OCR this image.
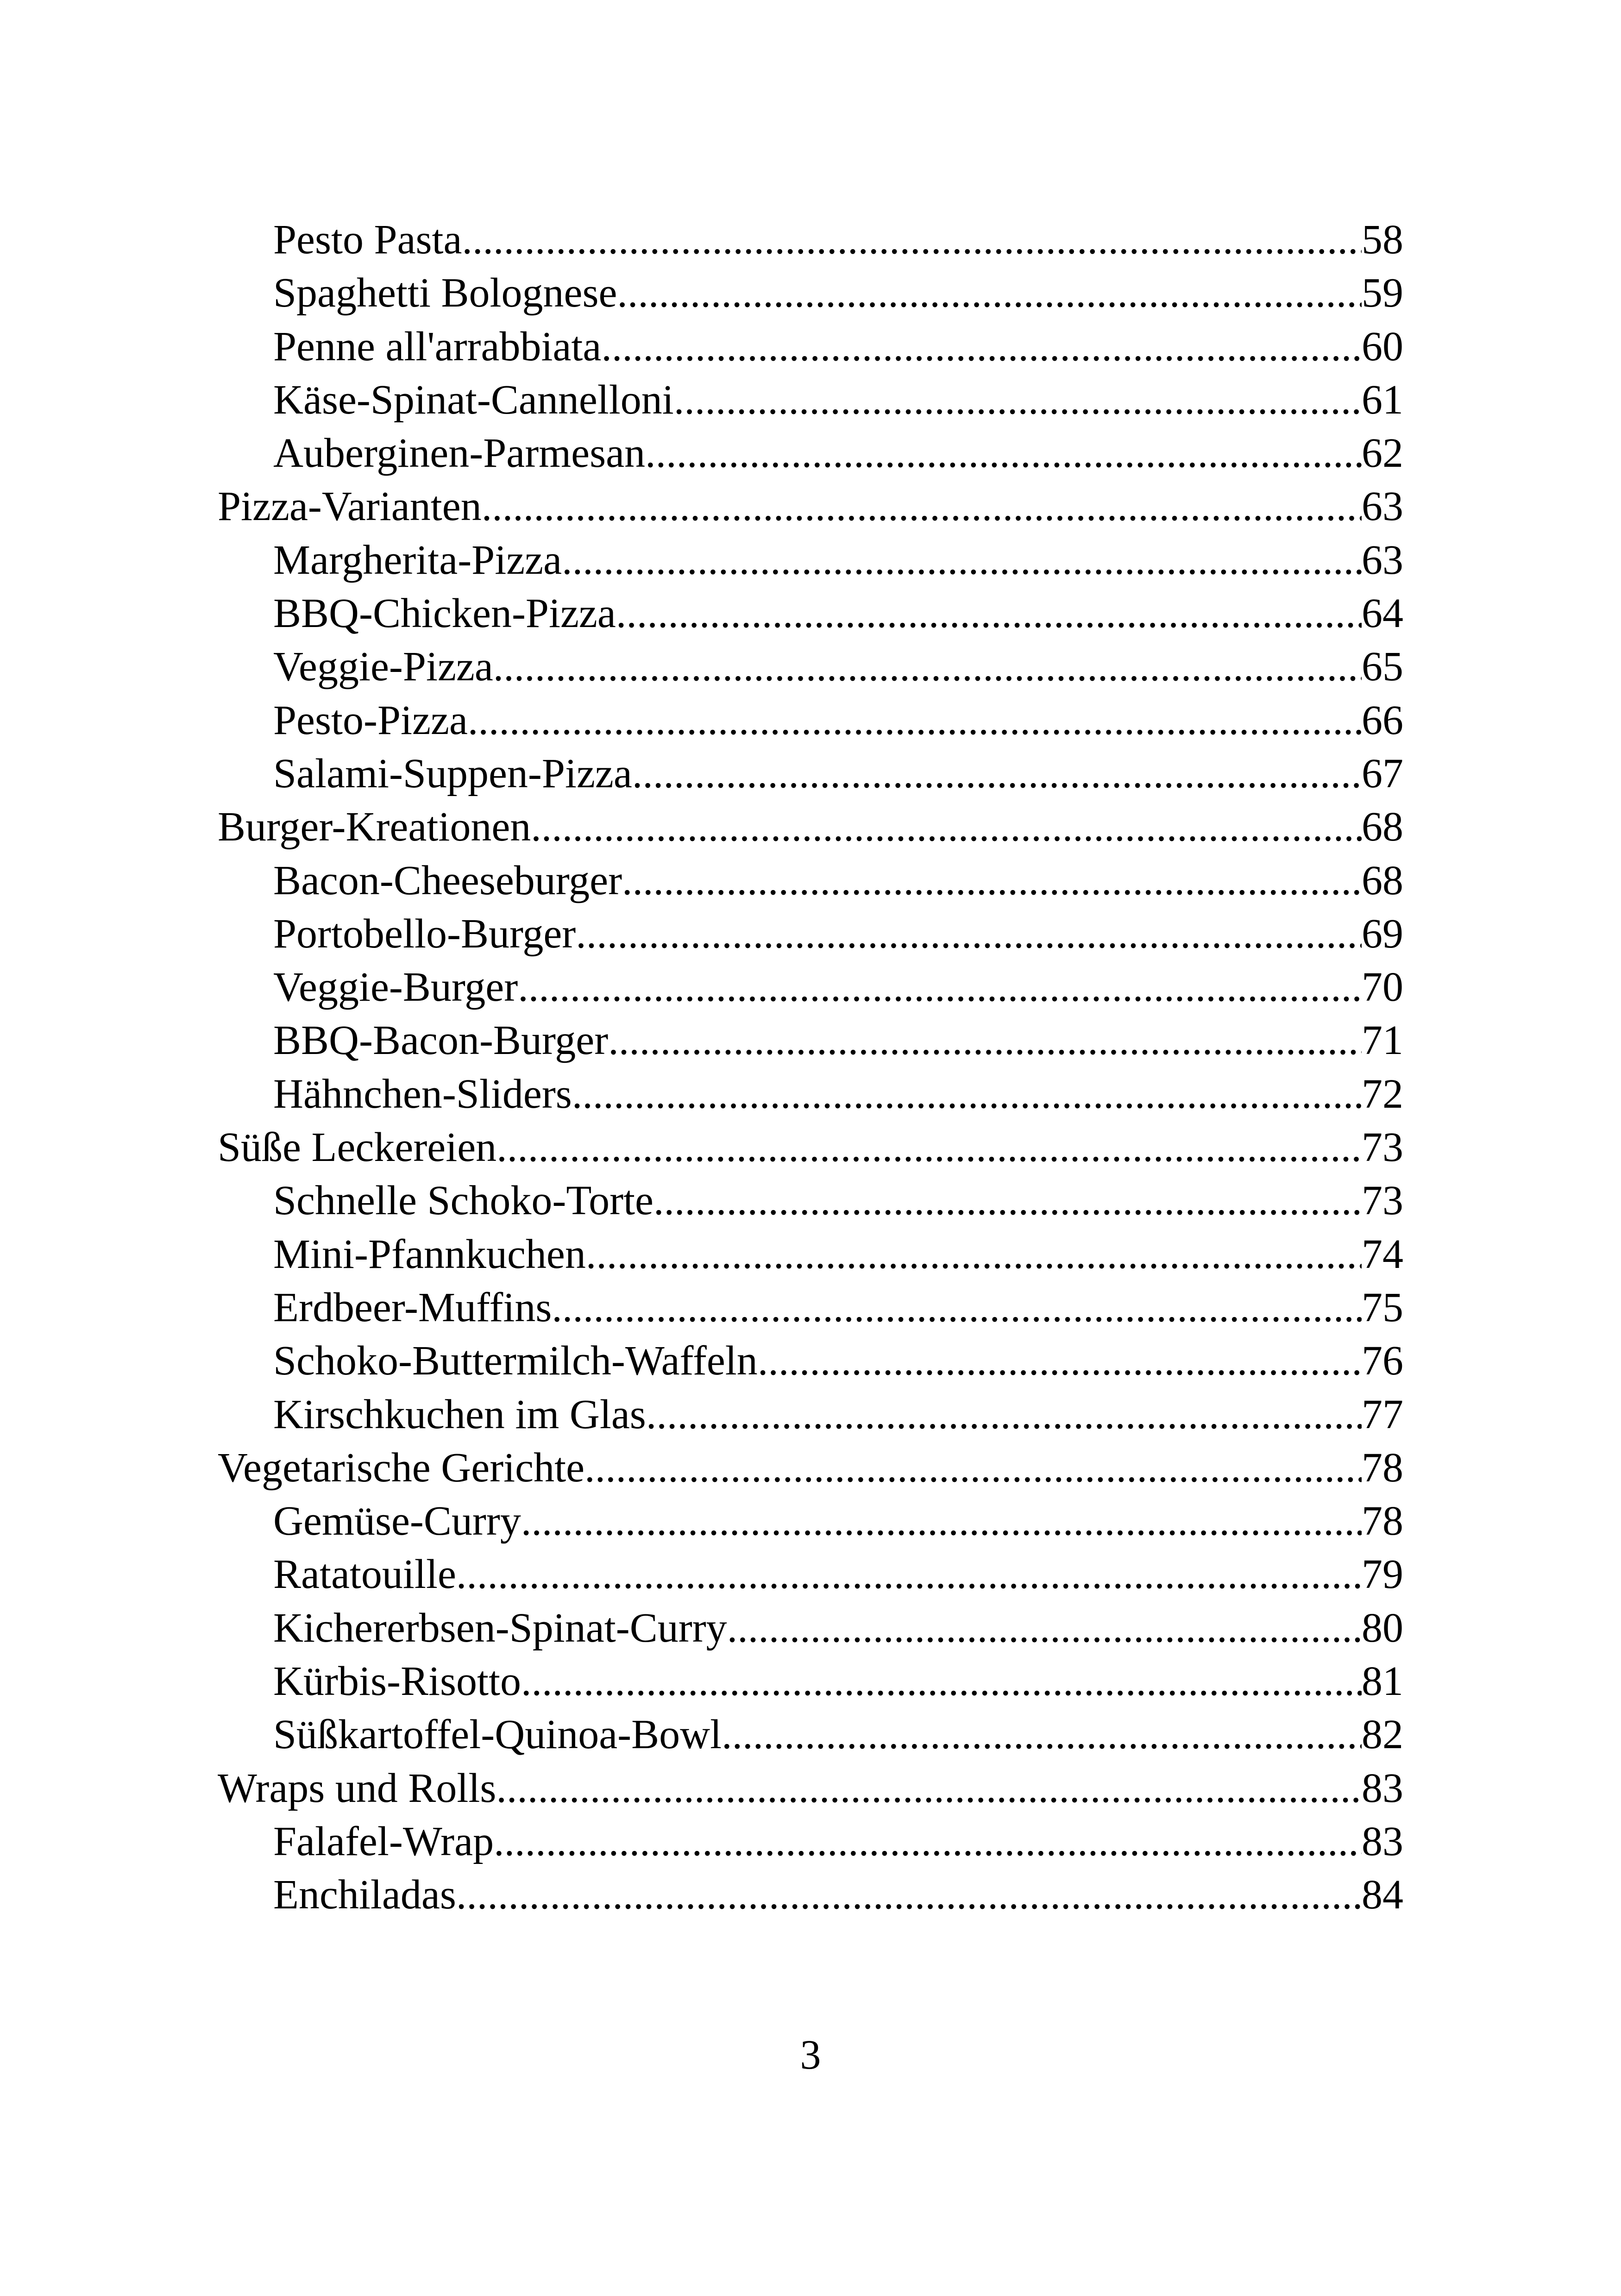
Pesto Pasta .....	58
Spaghetti Bolognese .....	59
Penne all'arrabbiata .....	60
Käse-Spinat-Cannelloni .....	61
Auberginen-Parmesan .....	62
Pizza-Varianten .....	63
Margherita-Pizza .....	63
BBQ-Chicken-Pizza .....	64
Veggie-Pizza .....	65
Pesto-Pizza .....	66
Salami-Suppen-Pizza .....	67
Burger-Kreationen .....	68
Bacon-Cheeseburger .....	68
Portobello-Burger .....	69
Veggie-Burger .....	70
BBQ-Bacon-Burger .....	71
Hähnchen-Sliders .....	72
Süße Leckereien .....	73
Schnelle Schoko-Torte .....	73
Mini-Pfannkuchen .....	74
Erdbeer-Muffins .....	75
Schoko-Buttermilch-Waffeln .....	76
Kirschkuchen im Glas .....	77
Vegetarische Gerichte .....	78
Gemüse-Curry .....	78
Ratatouille .....	79
Kichererbsen-Spinat-Curry .....	80
Kürbis-Risotto .....	81
Süßkartoffel-Quinoa-Bowl .....	82
Wraps und Rolls .....	83
Falafel-Wrap .....	83
Enchiladas .....	84
3
